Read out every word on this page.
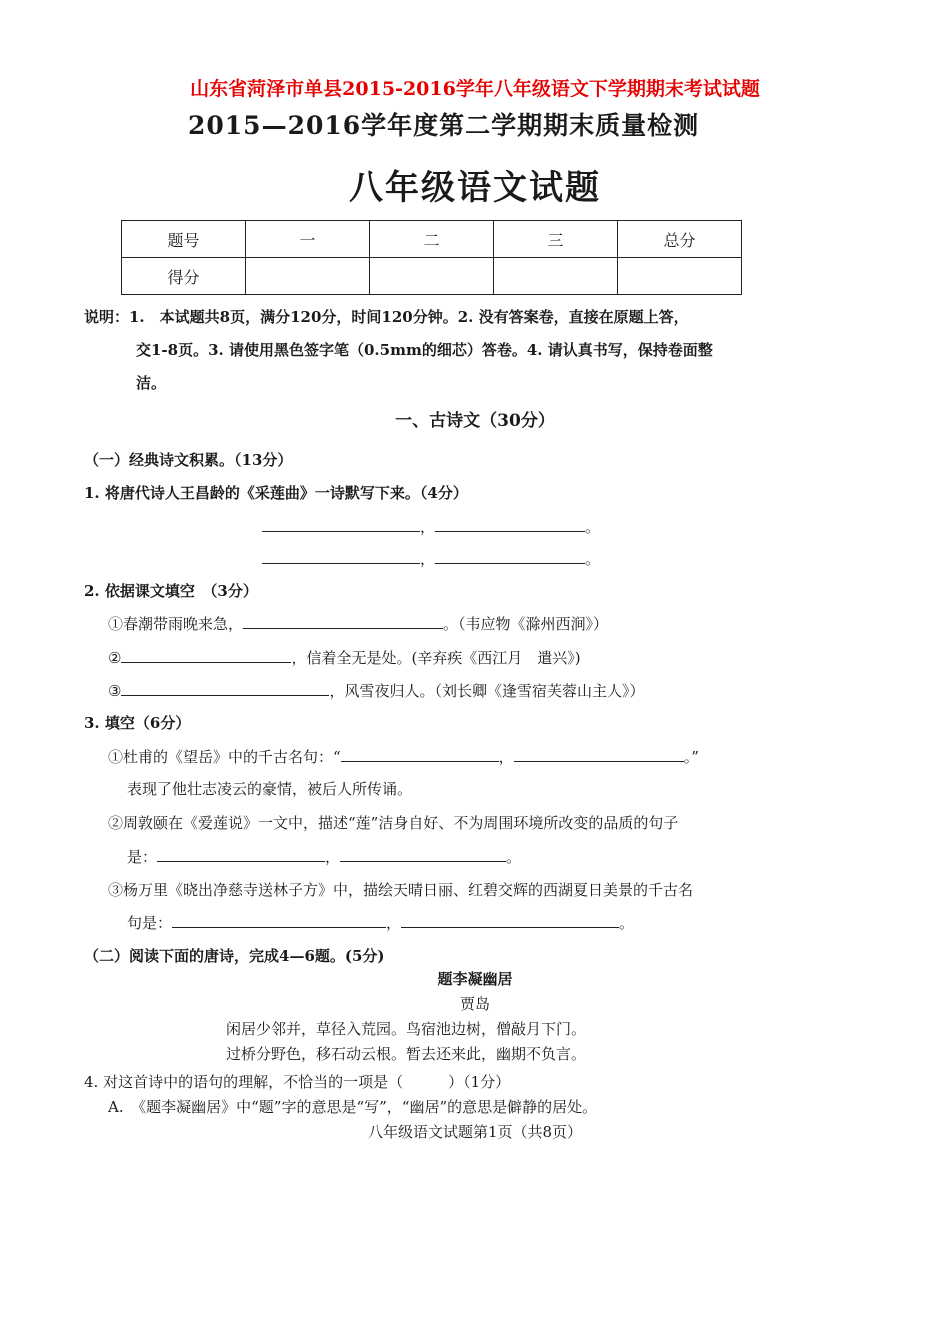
山东省菏泽市单县2015-2016学年八年级语文下学期期末考试试题
2015—2016学年度第二学期期末质量检测
八年级语文试题
题号	一	二	三	总分
得分				
说明：1.　本试题共8页，满分120分，时间120分钟。2. 没有答案卷，直接在原题上答，
交1-8页。3. 请使用黑色签字笔（0.5mm的细芯）答卷。4. 请认真书写，保持卷面整
洁。
一、古诗文（30分）
（一）经典诗文积累。（13分）
1. 将唐代诗人王昌龄的《采莲曲》一诗默写下来。（4分）
，	。
，	。
2. 依据课文填空　（3分）
①春潮带雨晚来急，	。（韦应物《滁州西涧》）
②	，信着全无是处。(辛弃疾《西江月　遣兴》)
③	，风雪夜归人。（刘长卿《逢雪宿芙蓉山主人》）
3. 填空（6分）
①杜甫的《望岳》中的千古名句：“	，	。”
表现了他壮志凌云的豪情，被后人所传诵。
②周敦颐在《爱莲说》一文中，描述“莲”洁身自好、不为周围环境所改变的品质的句子
是：	，	。
③杨万里《晓出净慈寺送林子方》中，描绘天晴日丽、红碧交辉的西湖夏日美景的千古名
句是：	，	。
（二）阅读下面的唐诗，完成4—6题。(5分)
题李凝幽居
贾岛
闲居少邻并，草径入荒园。鸟宿池边树，僧敲月下门。
过桥分野色，移石动云根。暂去还来此，幽期不负言。
4. 对这首诗中的语句的理解，不恰当的一项是（　　　）（1分）
A.　《题李凝幽居》中“题”字的意思是“写”，“幽居”的意思是僻静的居处。
八年级语文试题第1页（共8页）
